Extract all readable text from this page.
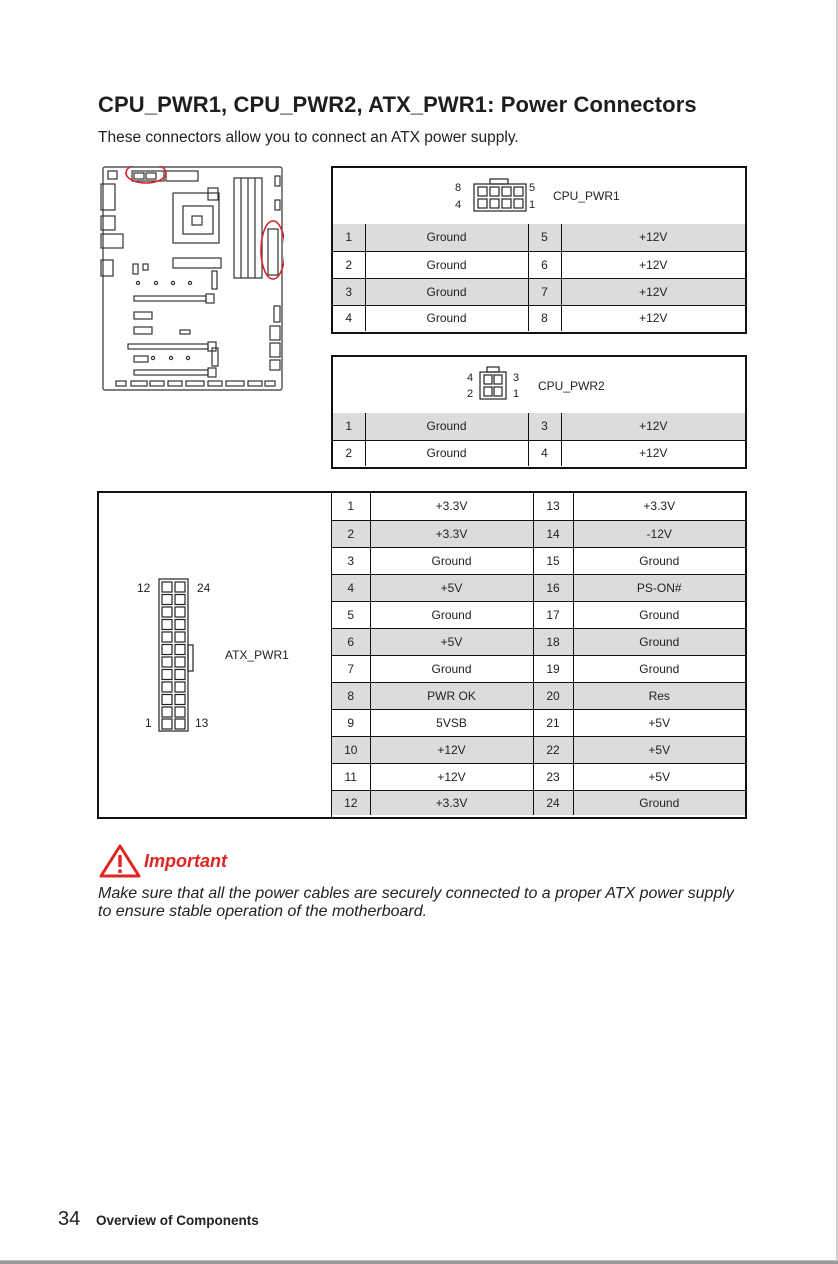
CPU_PWR1, CPU_PWR2, ATX_PWR1: Power Connectors
These connectors allow you to connect an ATX power supply.
8
4
5
1
CPU_PWR1
1	Ground	5	+12V
2	Ground	6	+12V
3	Ground	7	+12V
4	Ground	8	+12V
4
2
3
1
CPU_PWR2
1	Ground	3	+12V
2	Ground	4	+12V
12	24
1	13
ATX_PWR1
1	+3.3V	13	+3.3V
2	+3.3V	14	-12V
3	Ground	15	Ground
4	+5V	16	PS-ON#
5	Ground	17	Ground
6	+5V	18	Ground
7	Ground	19	Ground
8	PWR OK	20	Res
9	5VSB	21	+5V
10	+12V	22	+5V
11	+12V	23	+5V
12	+3.3V	24	Ground
Important
Make sure that all the power cables are securely connected to a proper ATX power supply to ensure stable operation of the motherboard.
34 Overview of Components
